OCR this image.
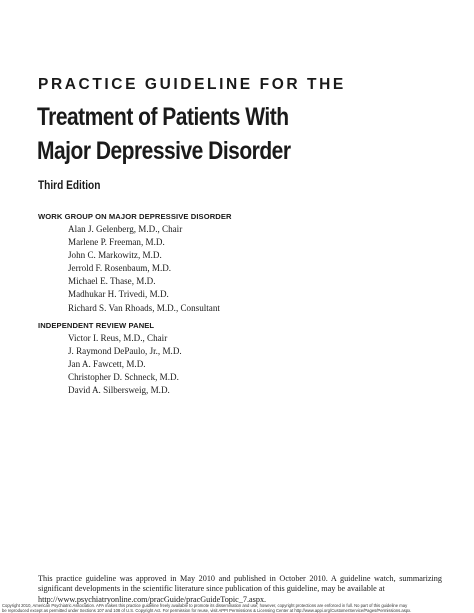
PRACTICE GUIDELINE FOR THE
Treatment of Patients With
Major Depressive Disorder
Third Edition
WORK GROUP ON MAJOR DEPRESSIVE DISORDER
Alan J. Gelenberg, M.D., Chair
Marlene P. Freeman, M.D.
John C. Markowitz, M.D.
Jerrold F. Rosenbaum, M.D.
Michael E. Thase, M.D.
Madhukar H. Trivedi, M.D.
Richard S. Van Rhoads, M.D., Consultant
INDEPENDENT REVIEW PANEL
Victor I. Reus, M.D., Chair
J. Raymond DePaulo, Jr., M.D.
Jan A. Fawcett, M.D.
Christopher D. Schneck, M.D.
David A. Silbersweig, M.D.
This practice guideline was approved in May 2010 and published in October 2010. A guideline watch, summarizing significant developments in the scientific literature since publication of this guideline, may be available at
http://www.psychiatryonline.com/pracGuide/pracGuideTopic_7.aspx.
Copyright 2010, American Psychiatric Association. APA makes this practice guideline freely available to promote its dissemination and use; however, copyright protections are enforced in full. No part of this guideline may
be reproduced except as permitted under Sections 107 and 108 of U.S. Copyright Act. For permission for reuse, visit APPI Permissions & Licensing Center at http://www.appi.org/CustomerService/Pages/Permissions.aspx.
